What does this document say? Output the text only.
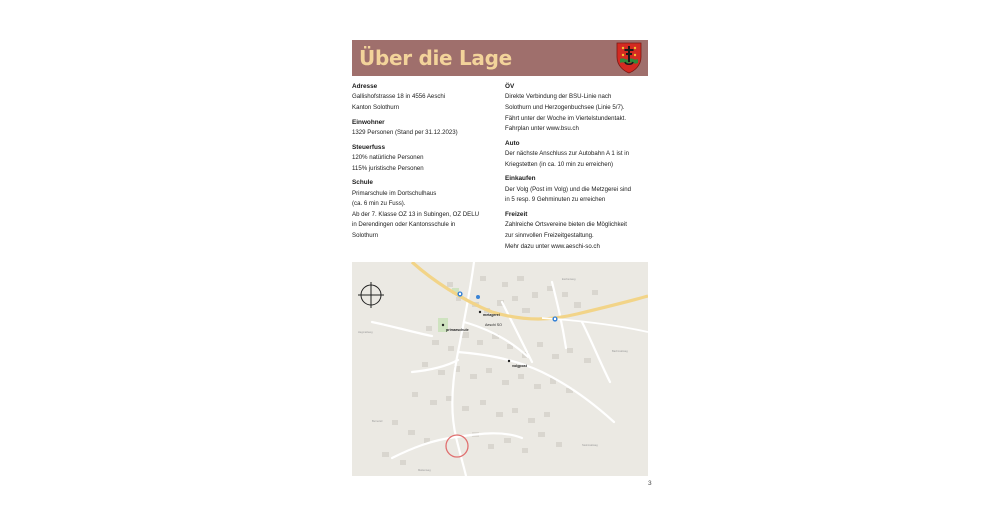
Über die Lage
Adresse

Gallishofstrasse 18 in 4556 Aeschi

Kanton Solothurn

Einwohner

1329 Personen (Stand per 31.12.2023)

Steuerfuss

120% natürliche Personen

115% juristische Personen

Schule

Primarschule im Dortschulhaus

(ca. 6 min zu Fuss).

Ab der 7. Klasse OZ 13 in Subingen, OZ DELU

in Derendingen oder Kantonsschule in

Solothurn

ÖV

Direkte Verbindung der BSU-Linie nach

Solothurn und Herzogenbuchsee (Linie 5/7).

Fährt unter der Woche im Viertelstundentakt.

Fahrplan unter www.bsu.ch

Auto

Der nächste Anschluss zur Autobahn A 1 ist in

Kriegstetten (in ca. 10 min zu erreichen)

Einkaufen

Der Volg (Post im Volg) und die Metzgerei sind

in 5 resp. 9 Gehminuten zu erreichen

Freizeit

Zahlreiche Ortsvereine bieten die Möglichkeit

zur sinnvollen Freizeitgestaltung.

Mehr dazu unter www.aeschi-so.ch

Hegmattweg
Eschenweg
Bachmattweg
Burnerstr
Steinmattweg
Mattenweg
metzgerei
Aeschi SO
primarschule
volgpost
3
